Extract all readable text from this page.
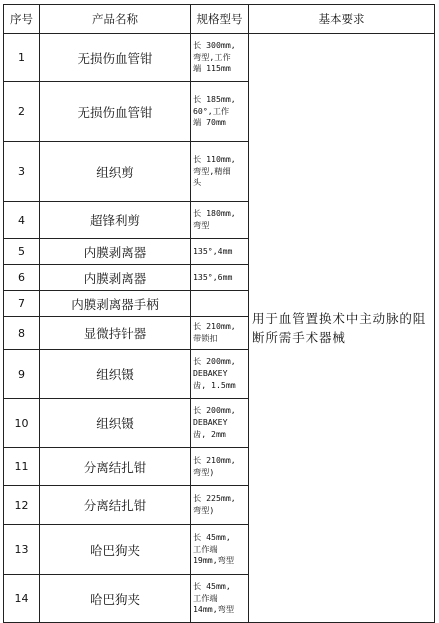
序号	产品名称	规格型号	基本要求
1	无损伤血管钳	长 300mm,
弯型,工作
端 115mm	用于血管置换术中主动脉的阻断所需手术器械
2	无损伤血管钳	长 185mm,
60°,工作
端 70mm	

3	组织剪	长 110mm,
弯型,精细
头	

4	超锋利剪	长 180mm,
弯型	

5	内膜剥离器	135°,4mm	

6	内膜剥离器	135°,6mm	

7	内膜剥离器手柄		
8	显微持针器	长 210mm,
带锁扣	

9	组织镊	长 200mm,
DEBAKEY
齿, 1.5mm	

10	组织镊	长 200mm,
DEBAKEY
齿, 2mm	

11	分离结扎钳	长 210mm,
弯型)	

12	分离结扎钳	长 225mm,
弯型)	

13	哈巴狗夹	长 45mm,
工作端
19mm,弯型	

14	哈巴狗夹	长 45mm,
工作端
14mm,弯型	
